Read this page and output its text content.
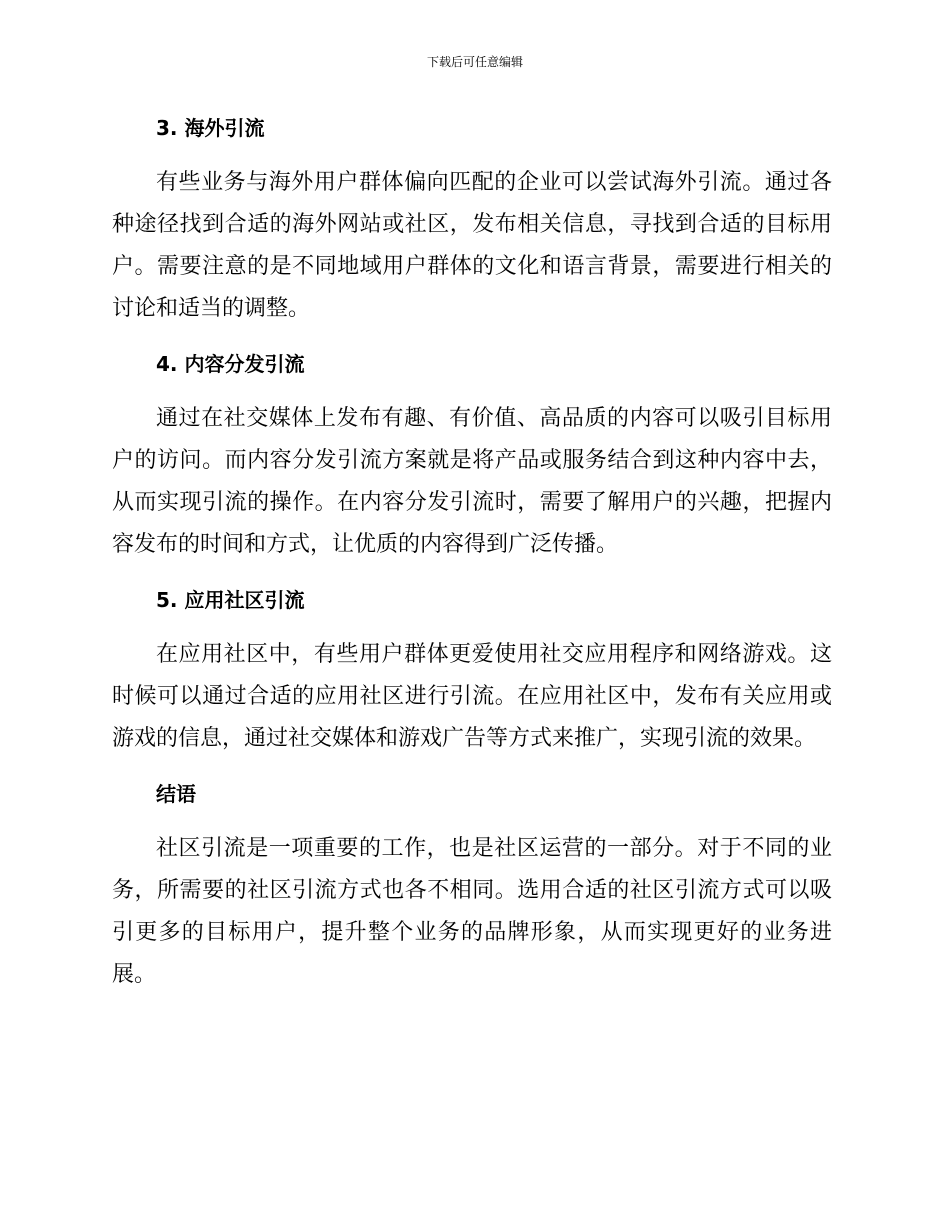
下载后可任意编辑
3. 海外引流

有些业务与海外用户群体偏向匹配的企业可以尝试海外引流。通过各种途径找到合适的海外网站或社区，发布相关信息，寻找到合适的目标用户。需要注意的是不同地域用户群体的文化和语言背景，需要进行相关的讨论和适当的调整。

4. 内容分发引流

通过在社交媒体上发布有趣、有价值、高品质的内容可以吸引目标用户的访问。而内容分发引流方案就是将产品或服务结合到这种内容中去，从而实现引流的操作。在内容分发引流时，需要了解用户的兴趣，把握内容发布的时间和方式，让优质的内容得到广泛传播。

5. 应用社区引流

在应用社区中，有些用户群体更爱使用社交应用程序和网络游戏。这时候可以通过合适的应用社区进行引流。在应用社区中，发布有关应用或游戏的信息，通过社交媒体和游戏广告等方式来推广，实现引流的效果。

结语

社区引流是一项重要的工作，也是社区运营的一部分。对于不同的业务，所需要的社区引流方式也各不相同。选用合适的社区引流方式可以吸引更多的目标用户，提升整个业务的品牌形象，从而实现更好的业务进展。
